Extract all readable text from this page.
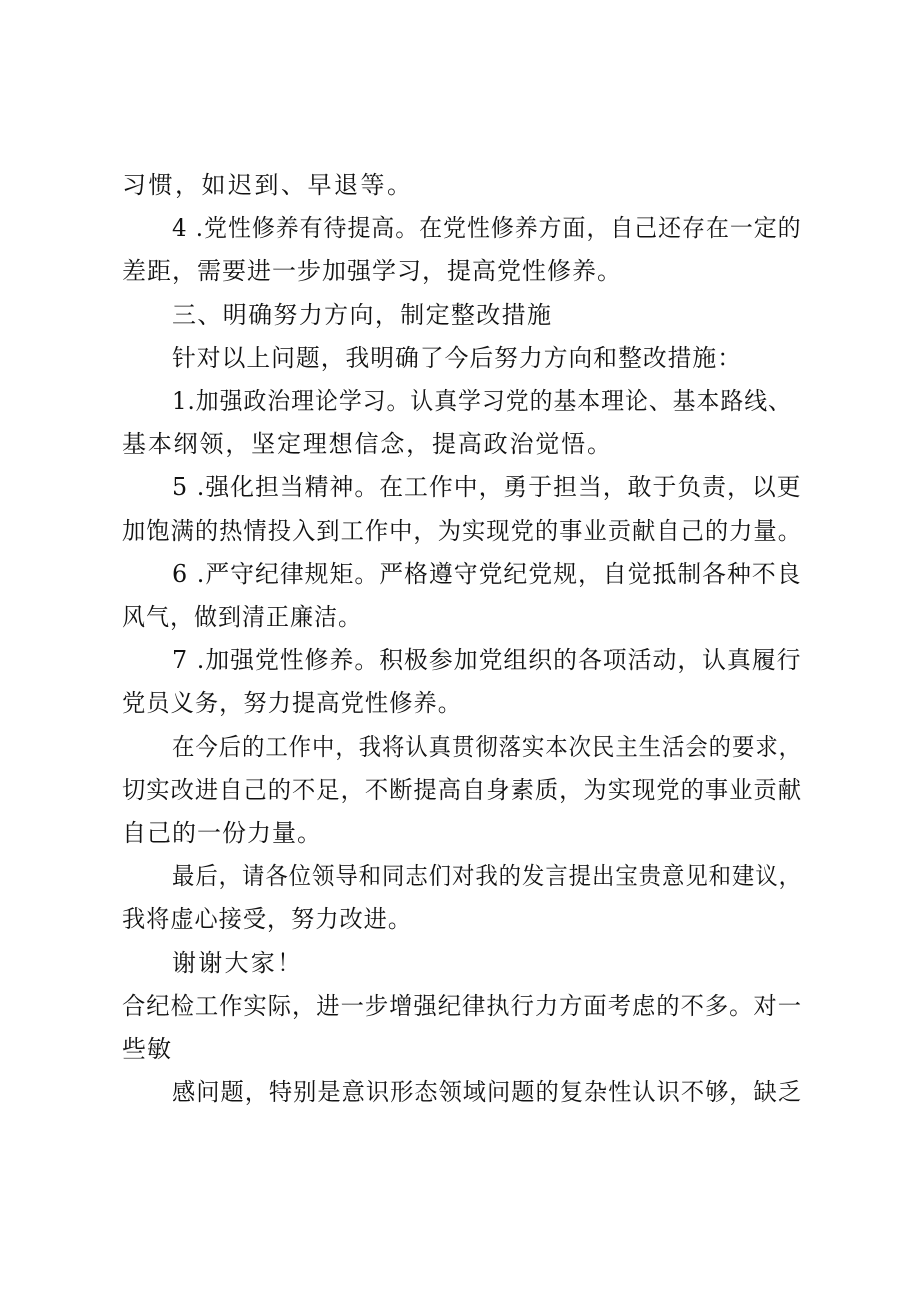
习惯，如迟到、早退等。
4 .党性修养有待提高。在党性修养方面，自己还存在一定的
差距，需要进一步加强学习，提高党性修养。
三、明确努力方向，制定整改措施
针对以上问题，我明确了今后努力方向和整改措施：
1.加强政治理论学习。认真学习党的基本理论、基本路线、
基本纲领，坚定理想信念，提高政治觉悟。
5 .强化担当精神。在工作中，勇于担当，敢于负责，以更
加饱满的热情投入到工作中，为实现党的事业贡献自己的力量。
6 .严守纪律规矩。严格遵守党纪党规，自觉抵制各种不良
风气，做到清正廉洁。
7 .加强党性修养。积极参加党组织的各项活动，认真履行
党员义务，努力提高党性修养。
在今后的工作中，我将认真贯彻落实本次民主生活会的要求，
切实改进自己的不足，不断提高自身素质，为实现党的事业贡献
自己的一份力量。
最后，请各位领导和同志们对我的发言提出宝贵意见和建议，
我将虚心接受，努力改进。
谢谢大家！
合纪检工作实际，进一步增强纪律执行力方面考虑的不多。对一
些敏
感问题，特别是意识形态领域问题的复杂性认识不够，缺乏
